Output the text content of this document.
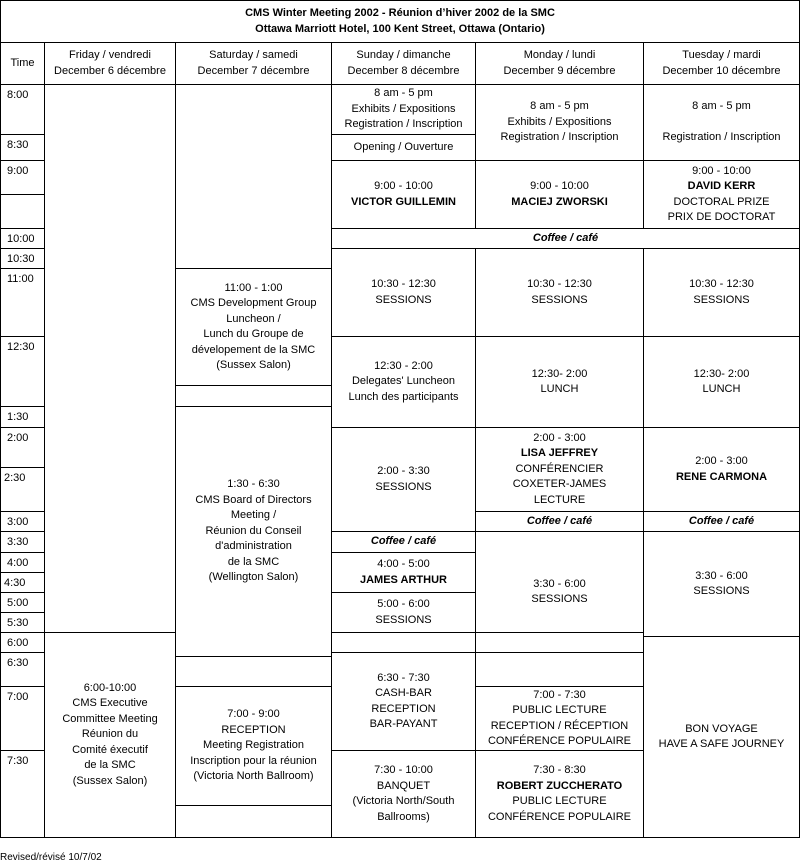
CMS Winter Meeting 2002 - Réunion d’hiver 2002 de la SMC
Ottawa Marriott Hotel, 100 Kent Street, Ottawa (Ontario)
Time
Friday / vendredi
December 6 décembre
Saturday / samedi
December 7 décembre
Sunday / dimanche
December 8 décembre
Monday / lundi
December 9 décembre
Tuesday / mardi
December 10 décembre
8:00
8:30
9:00
10:00
10:30
11:00
12:30
1:30
2:00
2:30
3:00
3:30
4:00
4:30
5:00
5:30
6:00
6:30
7:00
7:30
6:00-10:00
CMS Executive
Committee Meeting
Réunion du
Comité éxecutif
de la SMC
(Sussex Salon)
11:00 - 1:00
CMS Development Group
Luncheon /
Lunch du Groupe de
dévelopement de la SMC
(Sussex Salon)
1:30 - 6:30
CMS Board of Directors
Meeting /
Réunion du Conseil
d'administration
de la SMC
(Wellington Salon)
7:00 - 9:00
RECEPTION
Meeting Registration
Inscription pour la réunion
(Victoria North Ballroom)
8 am - 5 pm
Exhibits / Expositions
Registration / Inscription
Opening / Ouverture
9:00 - 10:00
VICTOR GUILLEMIN
Coffee / café
10:30 - 12:30
SESSIONS
12:30 - 2:00
Delegates' Luncheon
Lunch des participants
2:00 - 3:30
SESSIONS
Coffee / café
4:00 - 5:00
JAMES ARTHUR
5:00 - 6:00
SESSIONS
6:30 - 7:30
CASH-BAR
RECEPTION
BAR-PAYANT
7:30 - 10:00
BANQUET
(Victoria North/South
Ballrooms)
8 am - 5 pm
Exhibits / Expositions
Registration / Inscription
9:00 - 10:00
MACIEJ ZWORSKI
10:30 - 12:30
SESSIONS
12:30- 2:00
LUNCH
2:00 - 3:00
LISA JEFFREY
CONFÉRENCIER
COXETER-JAMES
LECTURE
Coffee / café
3:30 - 6:00
SESSIONS
7:00 - 7:30
PUBLIC LECTURE
RECEPTION / RÉCEPTION
CONFÉRENCE POPULAIRE
7:30 - 8:30
ROBERT ZUCCHERATO
PUBLIC LECTURE
CONFÉRENCE POPULAIRE
8 am - 5 pm
Registration / Inscription
9:00 - 10:00
DAVID KERR
DOCTORAL PRIZE
PRIX DE DOCTORAT
10:30 - 12:30
SESSIONS
12:30- 2:00
LUNCH
2:00 - 3:00
RENE CARMONA
Coffee / café
3:30 - 6:00
SESSIONS
BON VOYAGE
HAVE A SAFE JOURNEY
Revised/révisé 10/7/02
